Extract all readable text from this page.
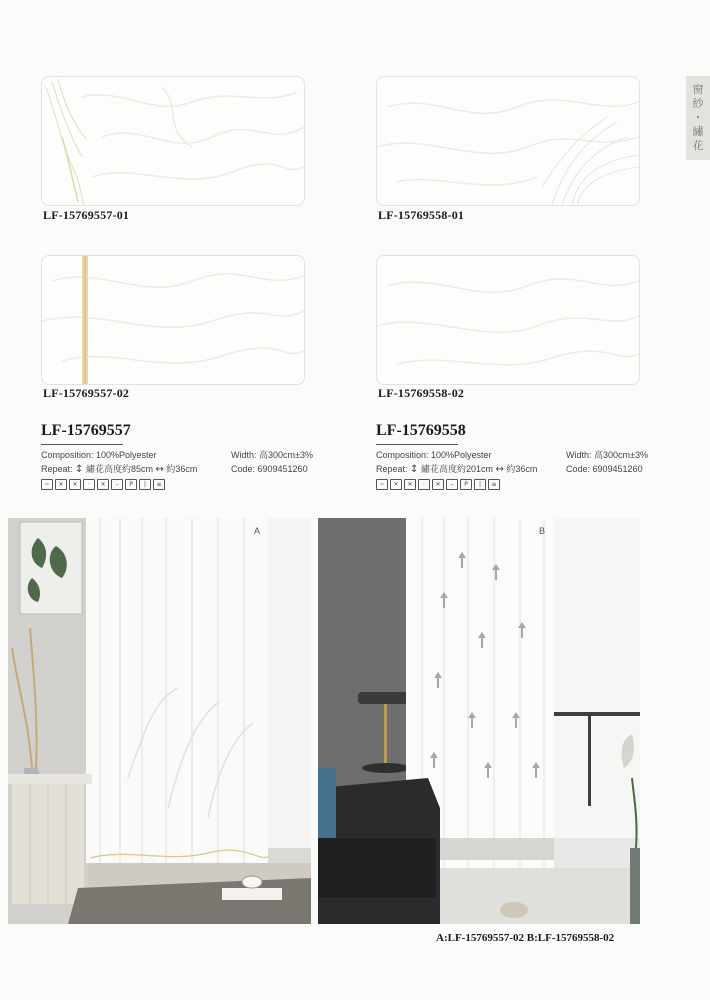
窗
紗
・
繡
花
LF-15769557-01	LF-15769558-01
LF-15769557-02	LF-15769558-02
LF-15769557
Composition: 100%Polyester	Width: 高300cm±3%
Repeat: ↕ 繡花高度約85cm ↔ 約36cm	Code: 6909451260
~	✕	✕	·	✕	–	P	|	≡
LF-15769558
Composition: 100%Polyester	Width: 高300cm±3%
Repeat: ↕ 繡花高度約201cm ↔ 約36cm	Code: 6909451260
~	✕	✕	·	✕	–	P	|	≡
A	B
A:LF-15769557-02 B:LF-15769558-02
